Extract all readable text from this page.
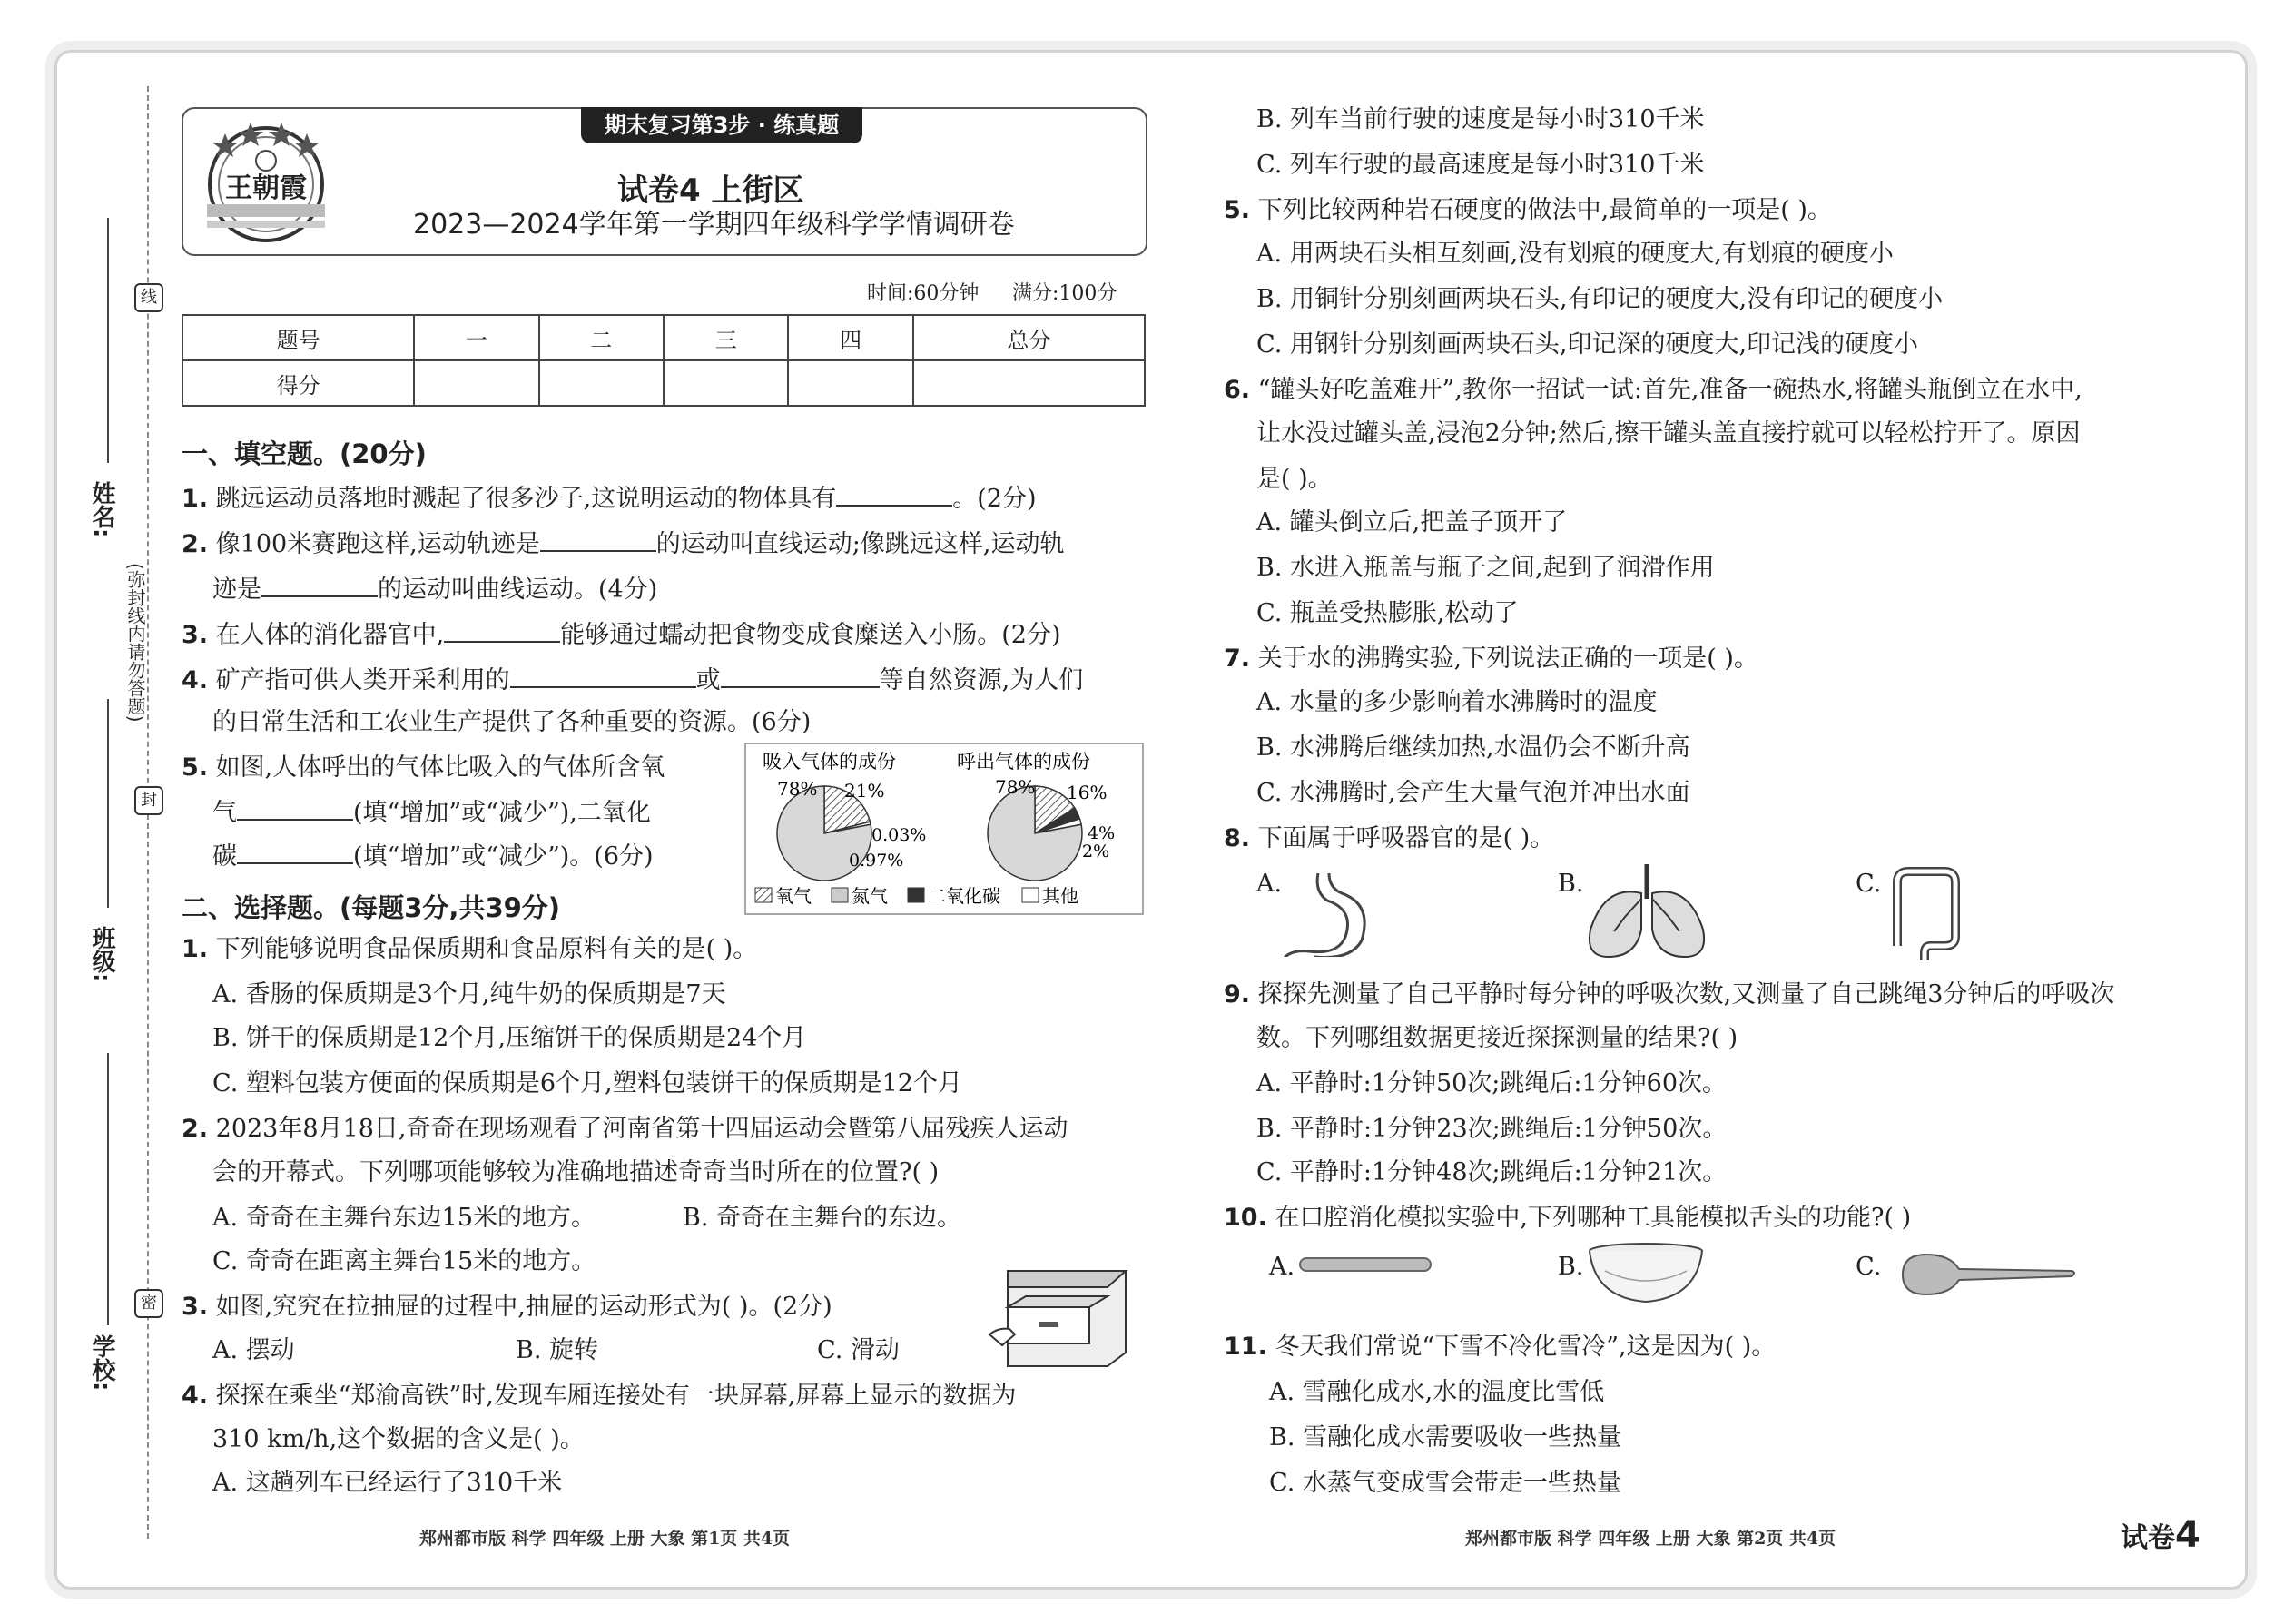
线
封
密
(弥封线内请勿答题)
姓名:
班级:
学校:
期末复习第3步 · 练真题
王朝霞	试卷4 上街区
2023—2024学年第一学期四年级科学学情调研卷
时间:60分钟 满分:100分
题号	一	二	三	四	总分
得分					
一、填空题。(20分)
1. 跳远运动员落地时溅起了很多沙子,这说明运动的物体具有	。(2分)
2. 像100米赛跑这样,运动轨迹是	的运动叫直线运动;像跳远这样,运动轨
迹是	的运动叫曲线运动。(4分)
3. 在人体的消化器官中,	能够通过蠕动把食物变成食糜送入小肠。(2分)
4. 矿产指可供人类开采利用的	或	等自然资源,为人们
的日常生活和工农业生产提供了各种重要的资源。(6分)
5. 如图,人体呼出的气体比吸入的气体所含氧
气	(填“增加”或“减少”),二氧化
碳	(填“增加”或“减少”)。(6分)
吸入气体的成份	呼出气体的成份
78% 21%
0.03%
0.97%
78% 16%
4%
2%
氧气 氮气 二氧化碳 其他
二、选择题。(每题3分,共39分)
1. 下列能够说明食品保质期和食品原料有关的是( )。
A. 香肠的保质期是3个月,纯牛奶的保质期是7天
B. 饼干的保质期是12个月,压缩饼干的保质期是24个月
C. 塑料包装方便面的保质期是6个月,塑料包装饼干的保质期是12个月
2. 2023年8月18日,奇奇在现场观看了河南省第十四届运动会暨第八届残疾人运动
会的开幕式。下列哪项能够较为准确地描述奇奇当时所在的位置?( )
A. 奇奇在主舞台东边15米的地方。	B. 奇奇在主舞台的东边。
C. 奇奇在距离主舞台15米的地方。
3. 如图,究究在拉抽屉的过程中,抽屉的运动形式为( )。(2分)
A. 摆动	B. 旋转	C. 滑动
4. 探探在乘坐“郑渝高铁”时,发现车厢连接处有一块屏幕,屏幕上显示的数据为
310 km/h,这个数据的含义是( )。
A. 这趟列车已经运行了310千米
郑州都市版 科学 四年级 上册 大象 第1页 共4页
B. 列车当前行驶的速度是每小时310千米
C. 列车行驶的最高速度是每小时310千米
5. 下列比较两种岩石硬度的做法中,最简单的一项是( )。
A. 用两块石头相互刻画,没有划痕的硬度大,有划痕的硬度小
B. 用铜针分别刻画两块石头,有印记的硬度大,没有印记的硬度小
C. 用钢针分别刻画两块石头,印记深的硬度大,印记浅的硬度小
6. “罐头好吃盖难开”,教你一招试一试:首先,准备一碗热水,将罐头瓶倒立在水中,
让水没过罐头盖,浸泡2分钟;然后,擦干罐头盖直接拧就可以轻松拧开了。原因
是( )。
A. 罐头倒立后,把盖子顶开了
B. 水进入瓶盖与瓶子之间,起到了润滑作用
C. 瓶盖受热膨胀,松动了
7. 关于水的沸腾实验,下列说法正确的一项是( )。
A. 水量的多少影响着水沸腾时的温度
B. 水沸腾后继续加热,水温仍会不断升高
C. 水沸腾时,会产生大量气泡并冲出水面
8. 下面属于呼吸器官的是( )。
A.	B.	C.
9. 探探先测量了自己平静时每分钟的呼吸次数,又测量了自己跳绳3分钟后的呼吸次
数。下列哪组数据更接近探探测量的结果?( )
A. 平静时:1分钟50次;跳绳后:1分钟60次。
B. 平静时:1分钟23次;跳绳后:1分钟50次。
C. 平静时:1分钟48次;跳绳后:1分钟21次。
10. 在口腔消化模拟实验中,下列哪种工具能模拟舌头的功能?( )
A.	B.	C.
11. 冬天我们常说“下雪不冷化雪冷”,这是因为( )。
A. 雪融化成水,水的温度比雪低
B. 雪融化成水需要吸收一些热量
C. 水蒸气变成雪会带走一些热量
郑州都市版 科学 四年级 上册 大象 第2页 共4页	试卷4
